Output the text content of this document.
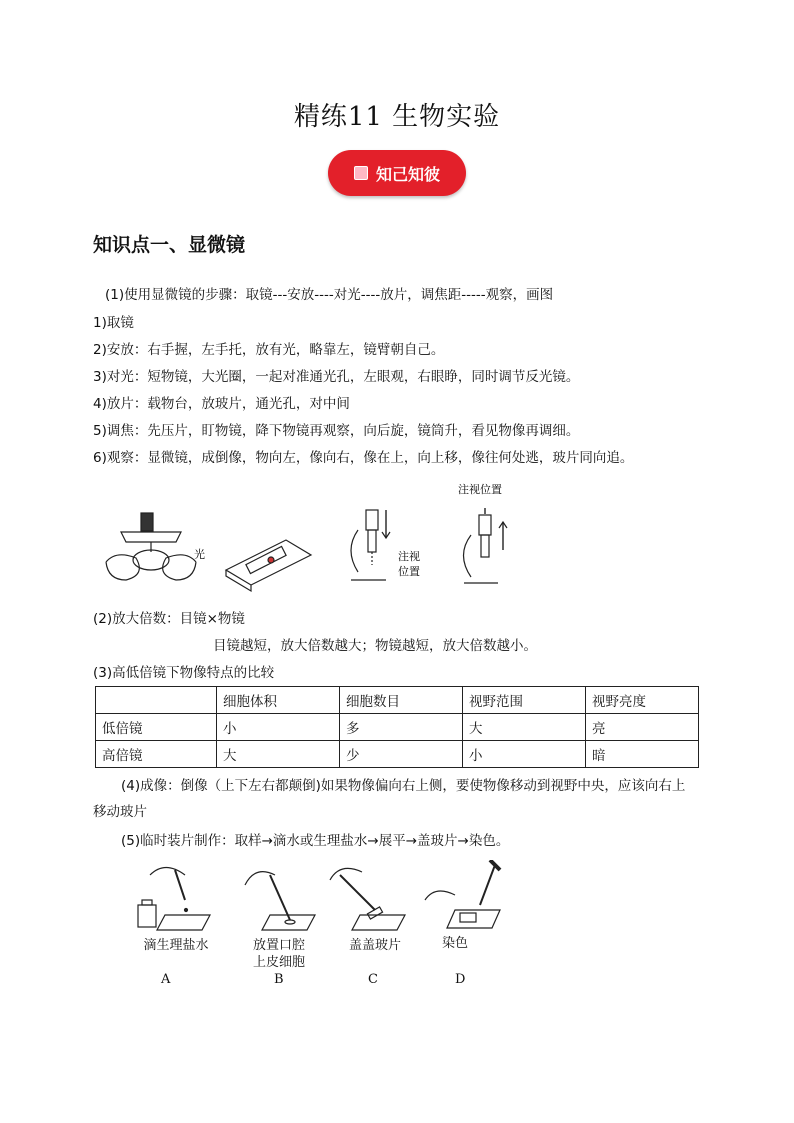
精练11 生物实验
知己知彼
知识点一、显微镜
(1)使用显微镜的步骤：取镜---安放----对光----放片，调焦距-----观察，画图
1)取镜
2)安放：右手握，左手托，放有光，略靠左，镜臂朝自己。
3)对光：短物镜，大光圈，一起对准通光孔，左眼观，右眼睁，同时调节反光镜。
4)放片：载物台，放玻片，通光孔，对中间
5)调焦：先压片，盯物镜，降下物镜再观察，向后旋，镜筒升，看见物像再调细。
6)观察：显微镜，成倒像，物向左，像向右，像在上，向上移，像往何处逃，玻片同向追。
光	注视
位置
注视位置
(2)放大倍数：目镜×物镜
目镜越短，放大倍数越大；物镜越短，放大倍数越小。
(3)高低倍镜下物像特点的比较
	细胞体积	细胞数目	视野范围	视野亮度
低倍镜	小	多	大	亮
高倍镜	大	少	小	暗
(4)成像：倒像（上下左右都颠倒)如果物像偏向右上侧，要使物像移动到视野中央，应该向右上
移动玻片
(5)临时装片制作：取样→滴水或生理盐水→展平→盖玻片→染色。
滴生理盐水	放置口腔
上皮细胞
盖盖玻片	染色
A	B	C	D
